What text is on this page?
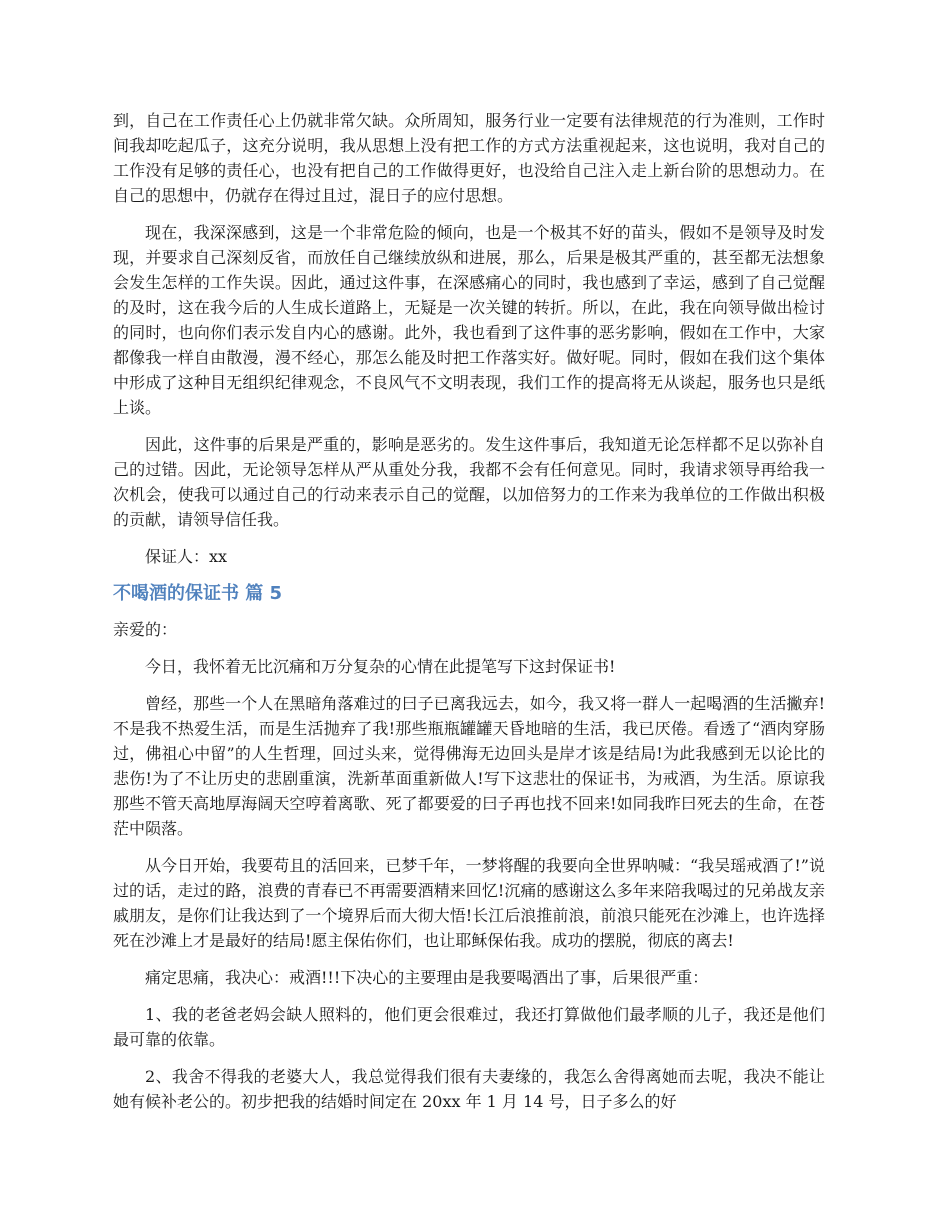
到，自己在工作责任心上仍就非常欠缺。众所周知，服务行业一定要有法律规范的行为准则，工作时间我却吃起瓜子，这充分说明，我从思想上没有把工作的方式方法重视起来，这也说明，我对自己的工作没有足够的责任心，也没有把自己的工作做得更好，也没给自己注入走上新台阶的思想动力。在自己的思想中，仍就存在得过且过，混日子的应付思想。

现在，我深深感到，这是一个非常危险的倾向，也是一个极其不好的苗头，假如不是领导及时发现，并要求自己深刻反省，而放任自己继续放纵和进展，那么，后果是极其严重的，甚至都无法想象会发生怎样的工作失误。因此，通过这件事，在深感痛心的同时，我也感到了幸运，感到了自己觉醒的及时，这在我今后的人生成长道路上，无疑是一次关键的转折。所以，在此，我在向领导做出检讨的同时，也向你们表示发自内心的感谢。此外，我也看到了这件事的恶劣影响，假如在工作中，大家都像我一样自由散漫，漫不经心，那怎么能及时把工作落实好。做好呢。同时，假如在我们这个集体中形成了这种目无组织纪律观念，不良风气不文明表现，我们工作的提高将无从谈起，服务也只是纸上谈。

因此，这件事的后果是严重的，影响是恶劣的。发生这件事后，我知道无论怎样都不足以弥补自己的过错。因此，无论领导怎样从严从重处分我，我都不会有任何意见。同时，我请求领导再给我一次机会，使我可以通过自己的行动来表示自己的觉醒，以加倍努力的工作来为我单位的工作做出积极的贡献，请领导信任我。

保证人：xx

不喝酒的保证书 篇 5

亲爱的：

今日，我怀着无比沉痛和万分复杂的心情在此提笔写下这封保证书!

曾经，那些一个人在黑暗角落难过的曰子已离我远去，如今，我又将一群人一起喝酒的生活撇弃!不是我不热爱生活，而是生活抛弃了我!那些瓶瓶罐罐天昏地暗的生活，我已厌倦。看透了“酒肉穿肠过，佛祖心中留”的人生哲理，回过头来，觉得佛海无边回头是岸才该是结局!为此我感到无以论比的悲伤!为了不让历史的悲剧重演，洗新革面重新做人!写下这悲壮的保证书，为戒酒，为生活。原谅我那些不管天高地厚海阔天空哼着离歌、死了都要爱的曰子再也找不回来!如同我昨曰死去的生命，在苍茫中陨落。

从今日开始，我要苟且的活回来，已梦千年，一梦将醒的我要向全世界呐喊：“我吴瑶戒酒了!”说过的话，走过的路，浪费的青春已不再需要酒精来回忆!沉痛的感谢这么多年来陪我喝过的兄弟战友亲戚朋友，是你们让我达到了一个境界后而大彻大悟!长江后浪推前浪，前浪只能死在沙滩上，也许选择死在沙滩上才是最好的结局!愿主保佑你们，也让耶稣保佑我。成功的摆脱，彻底的离去!

痛定思痛，我决心：戒酒!!!下决心的主要理由是我要喝酒出了事，后果很严重：

1、我的老爸老妈会缺人照料的，他们更会很难过，我还打算做他们最孝顺的儿子，我还是他们最可靠的依靠。

2、我舍不得我的老婆大人，我总觉得我们很有夫妻缘的，我怎么舍得离她而去呢，我决不能让她有候补老公的。初步把我的结婚时间定在 20xx 年 1 月 14 号，日子多么的好
